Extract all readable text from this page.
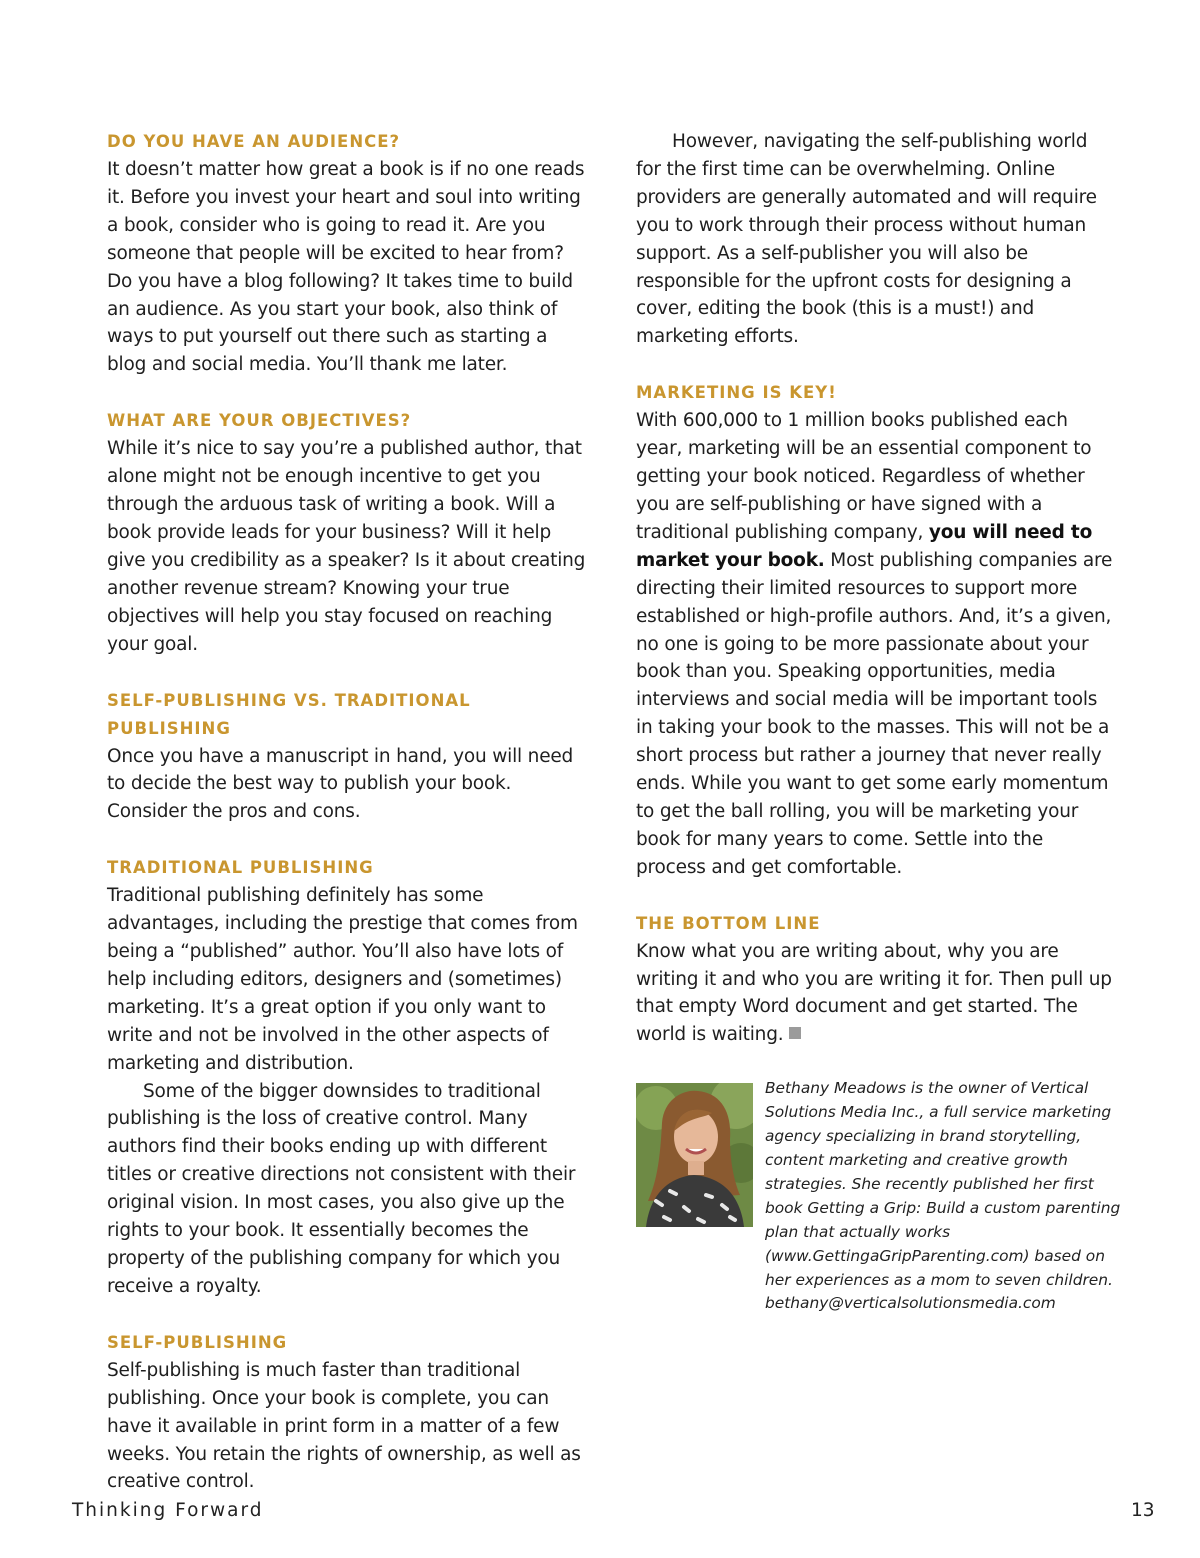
DO YOU HAVE AN AUDIENCE?

It doesn’t matter how great a book is if no one reads it. Before you invest your heart and soul into writing a book, consider who is going to read it. Are you someone that people will be excited to hear from? Do you have a blog following? It takes time to build an audience. As you start your book, also think of ways to put yourself out there such as starting a blog and social media. You’ll thank me later.

WHAT ARE YOUR OBJECTIVES?

While it’s nice to say you’re a published author, that alone might not be enough incentive to get you through the arduous task of writing a book. Will a book provide leads for your business? Will it help give you credibility as a speaker? Is it about creating another revenue stream? Knowing your true objectives will help you stay focused on reaching your goal.

SELF-PUBLISHING VS. TRADITIONAL PUBLISHING

Once you have a manuscript in hand, you will need to decide the best way to publish your book. Consider the pros and cons.

TRADITIONAL PUBLISHING

Traditional publishing definitely has some advantages, including the prestige that comes from being a “published” author. You’ll also have lots of help including editors, designers and (sometimes) marketing. It’s a great option if you only want to write and not be involved in the other aspects of marketing and distribution.

Some of the bigger downsides to traditional publishing is the loss of creative control. Many authors find their books ending up with different titles or creative directions not consistent with their original vision. In most cases, you also give up the rights to your book. It essentially becomes the property of the publishing company for which you receive a royalty.

SELF-PUBLISHING

Self-publishing is much faster than traditional publishing. Once your book is complete, you can have it available in print form in a matter of a few weeks. You retain the rights of ownership, as well as creative control.

However, navigating the self-publishing world for the first time can be overwhelming. Online providers are generally automated and will require you to work through their process without human support. As a self-publisher you will also be responsible for the upfront costs for designing a cover, editing the book (this is a must!) and marketing efforts.

MARKETING IS KEY!

With 600,000 to 1 million books published each year, marketing will be an essential component to getting your book noticed. Regardless of whether you are self-publishing or have signed with a traditional publishing company, you will need to market your book. Most publishing companies are directing their limited resources to support more established or high-profile authors. And, it’s a given, no one is going to be more passionate about your book than you. Speaking opportunities, media interviews and social media will be important tools in taking your book to the masses. This will not be a short process but rather a journey that never really ends. While you want to get some early momentum to get the ball rolling, you will be marketing your book for many years to come. Settle into the process and get comfortable.

THE BOTTOM LINE

Know what you are writing about, why you are writing it and who you are writing it for. Then pull up that empty Word document and get started. The world is waiting.

Bethany Meadows is the owner of Vertical Solutions Media Inc., a full service marketing agency specializing in brand storytelling, content marketing and creative growth strategies. She recently published her first book Getting a Grip: Build a custom parenting plan that actually works (www.GettingaGripParenting.com) based on her experiences as a mom to seven children.
bethany@verticalsolutionsmedia.com
Thinking Forward	13
